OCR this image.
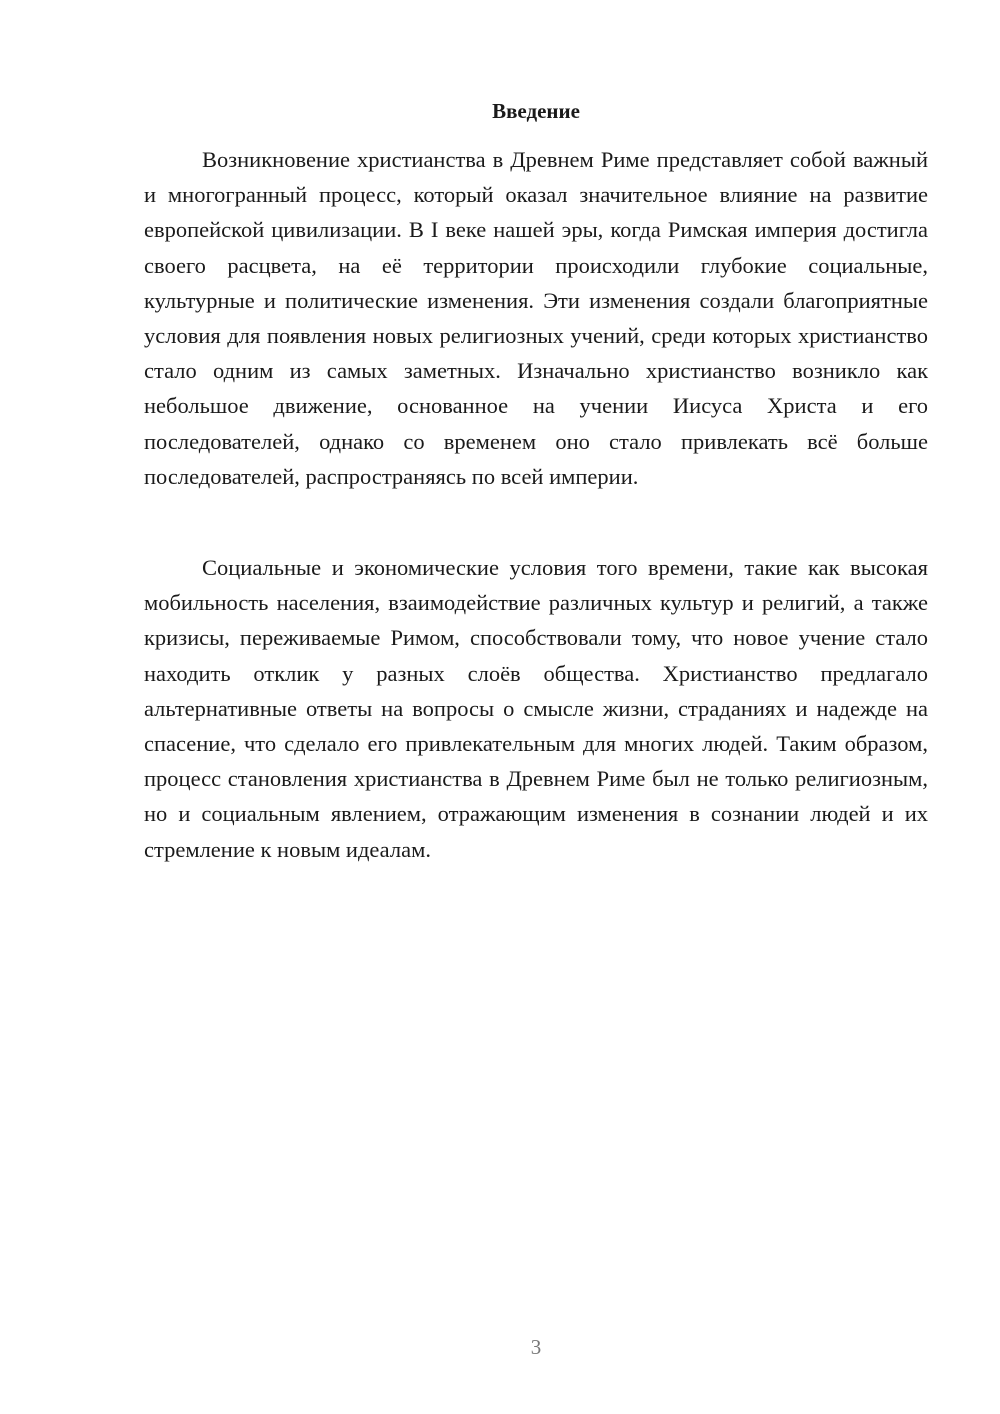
Введение

Возникновение христианства в Древнем Риме представляет собой важный и многогранный процесс, который оказал значительное влияние на развитие европейской цивилизации. В I веке нашей эры, когда Римская империя достигла своего расцвета, на её территории происходили глубокие социальные, культурные и политические изменения. Эти изменения создали благоприятные условия для появления новых религиозных учений, среди которых христианство стало одним из самых заметных. Изначально христианство возникло как небольшое движение, основанное на учении Иисуса Христа и его последователей, однако со временем оно стало привлекать всё больше последователей, распространяясь по всей империи.

Социальные и экономические условия того времени, такие как высокая мобильность населения, взаимодействие различных культур и религий, а также кризисы, переживаемые Римом, способствовали тому, что новое учение стало находить отклик у разных слоёв общества. Христианство предлагало альтернативные ответы на вопросы о смысле жизни, страданиях и надежде на спасение, что сделало его привлекательным для многих людей. Таким образом, процесс становления христианства в Древнем Риме был не только религиозным, но и социальным явлением, отражающим изменения в сознании людей и их стремление к новым идеалам.

3
